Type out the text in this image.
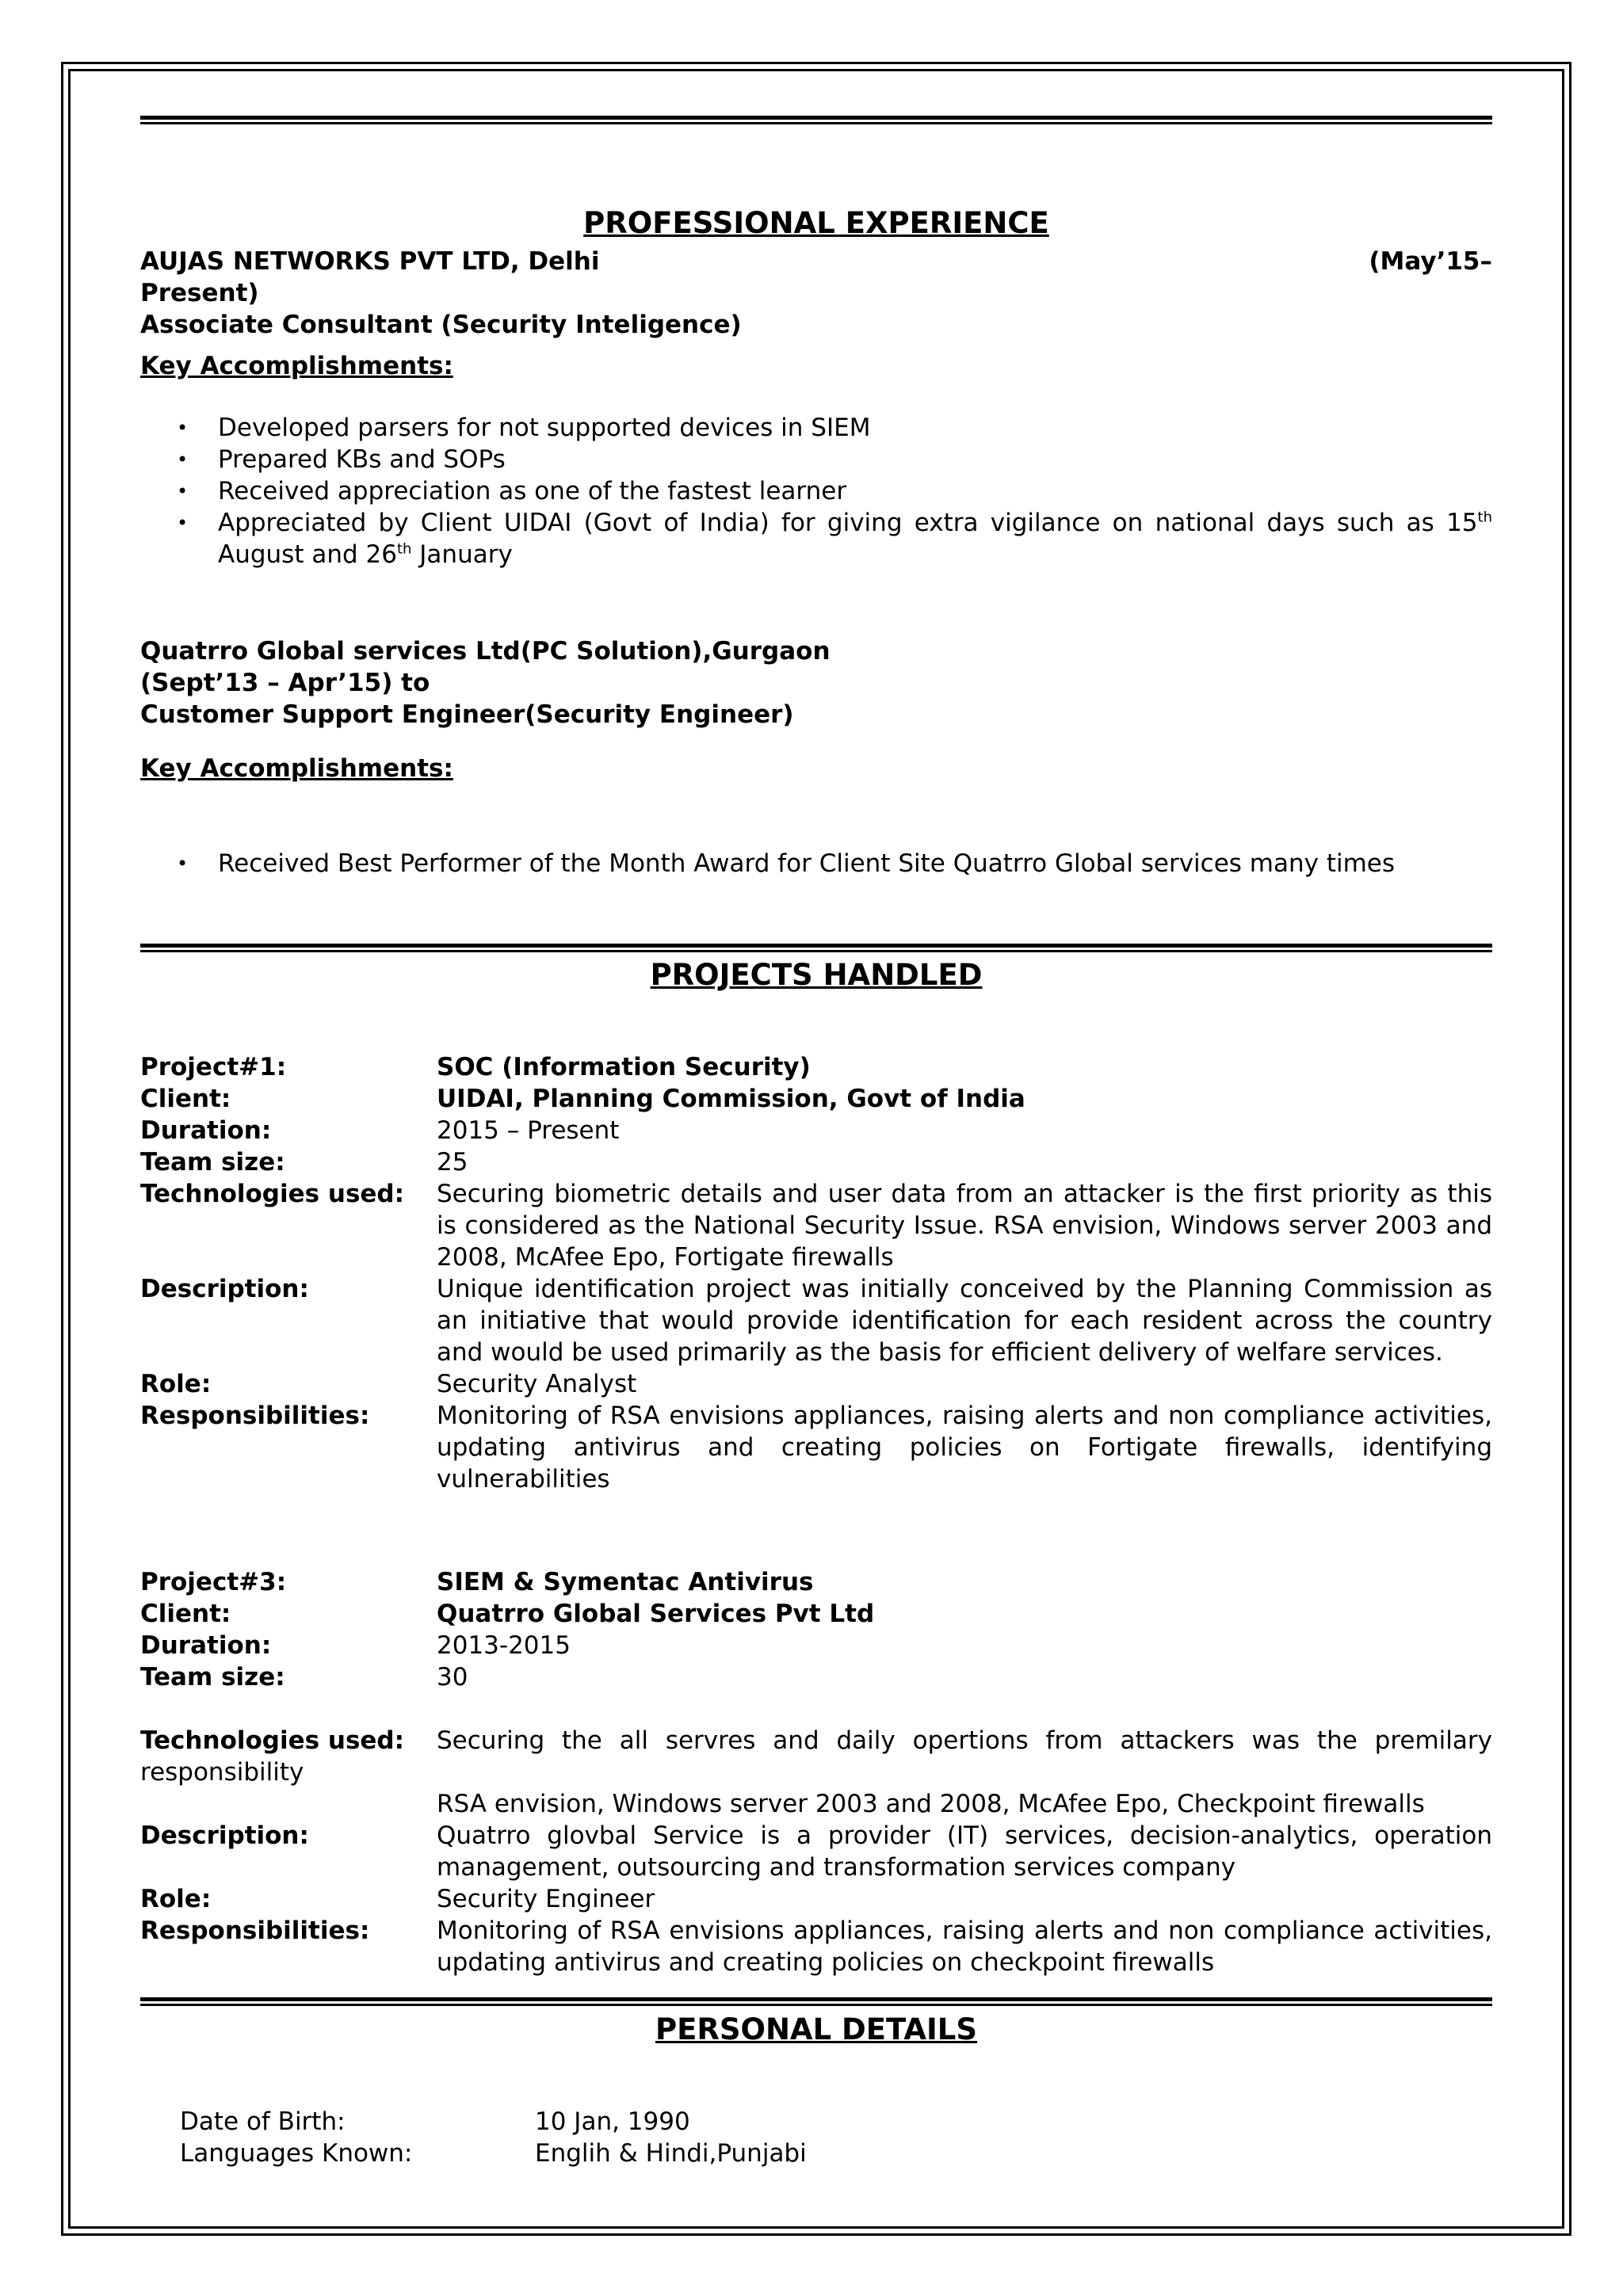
PROFESSIONAL EXPERIENCE
AUJAS NETWORKS PVT LTD, Delhi	(May’15–
Present)
Associate Consultant (Security Inteligence)
Key Accomplishments:
• Developed parsers for not supported devices in SIEM
• Prepared KBs and SOPs
• Received appreciation as one of the fastest learner
• Appreciated by Client UIDAI (Govt of India) for giving extra vigilance on national days such as 15th August and 26th January
Quatrro Global services Ltd(PC Solution),Gurgaon
(Sept’13 – Apr’15) to
Customer Support Engineer(Security Engineer)
Key Accomplishments:
• Received Best Performer of the Month Award for Client Site Quatrro Global services many times
PROJECTS HANDLED
Project#1:	SOC (Information Security)
Client:	UIDAI, Planning Commission, Govt of India
Duration:	2015 – Present
Team size:	25
Technologies used:	Securing biometric details and user data from an attacker is the first priority as this is considered as the National Security Issue. RSA envision, Windows server 2003 and 2008, McAfee Epo, Fortigate firewalls
Description:	Unique identification project was initially conceived by the Planning Commission as an initiative that would provide identification for each resident across the country and would be used primarily as the basis for efficient delivery of welfare services.
Role:	Security Analyst
Responsibilities:	Monitoring of RSA envisions appliances, raising alerts and non compliance activities, updating antivirus and creating policies on Fortigate firewalls, identifying vulnerabilities
Project#3:	SIEM & Symentac Antivirus
Client:	Quatrro Global Services Pvt Ltd
Duration:	2013-2015
Team size:	30
Technologies used:	Securing the all servres and daily opertions from attackers was the premilary
responsibility
RSA envision, Windows server 2003 and 2008, McAfee Epo, Checkpoint firewalls
Description:	Quatrro glovbal Service is a provider (IT) services, decision-analytics, operation management, outsourcing and transformation services company
Role:	Security Engineer
Responsibilities:	Monitoring of RSA envisions appliances, raising alerts and non compliance activities, updating antivirus and creating policies on checkpoint firewalls
PERSONAL DETAILS
Date of Birth:	10 Jan, 1990
Languages Known:	Englih & Hindi,Punjabi
